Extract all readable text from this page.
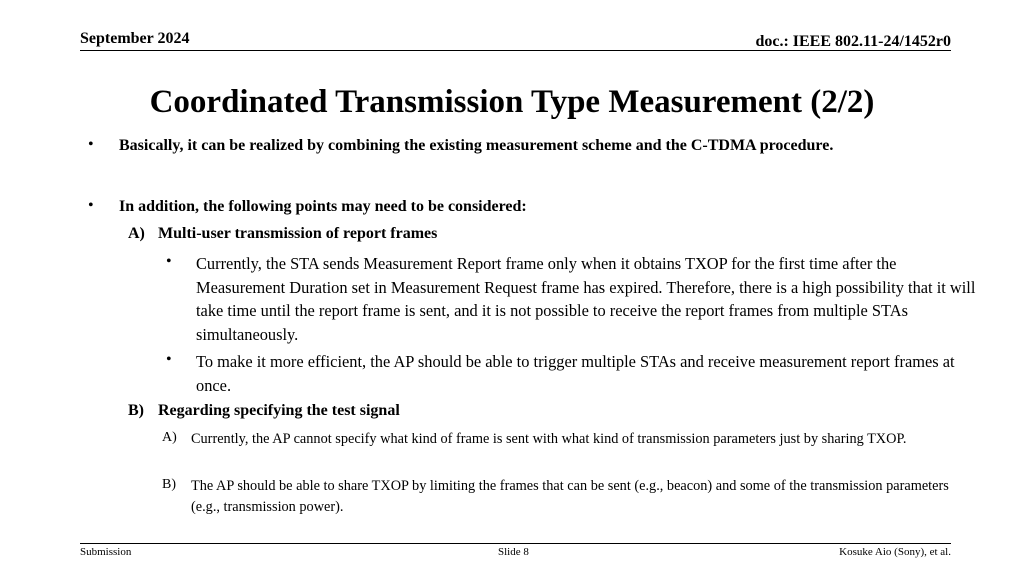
September 2024	doc.: IEEE 802.11-24/1452r0
Coordinated Transmission Type Measurement (2/2)
• Basically, it can be realized by combining the existing measurement scheme and the C-TDMA procedure.
• In addition, the following points may need to be considered:
A) Multi-user transmission of report frames
• Currently, the STA sends Measurement Report frame only when it obtains TXOP for the first time after the Measurement Duration set in Measurement Request frame has expired. Therefore, there is a high possibility that it will take time until the report frame is sent, and it is not possible to receive the report frames from multiple STAs simultaneously.
• To make it more efficient, the AP should be able to trigger multiple STAs and receive measurement report frames at once.
B) Regarding specifying the test signal
A) Currently, the AP cannot specify what kind of frame is sent with what kind of transmission parameters just by sharing TXOP.
B) The AP should be able to share TXOP by limiting the frames that can be sent (e.g., beacon) and some of the transmission parameters (e.g., transmission power).
Submission	Slide 8	Kosuke Aio (Sony), et al.
